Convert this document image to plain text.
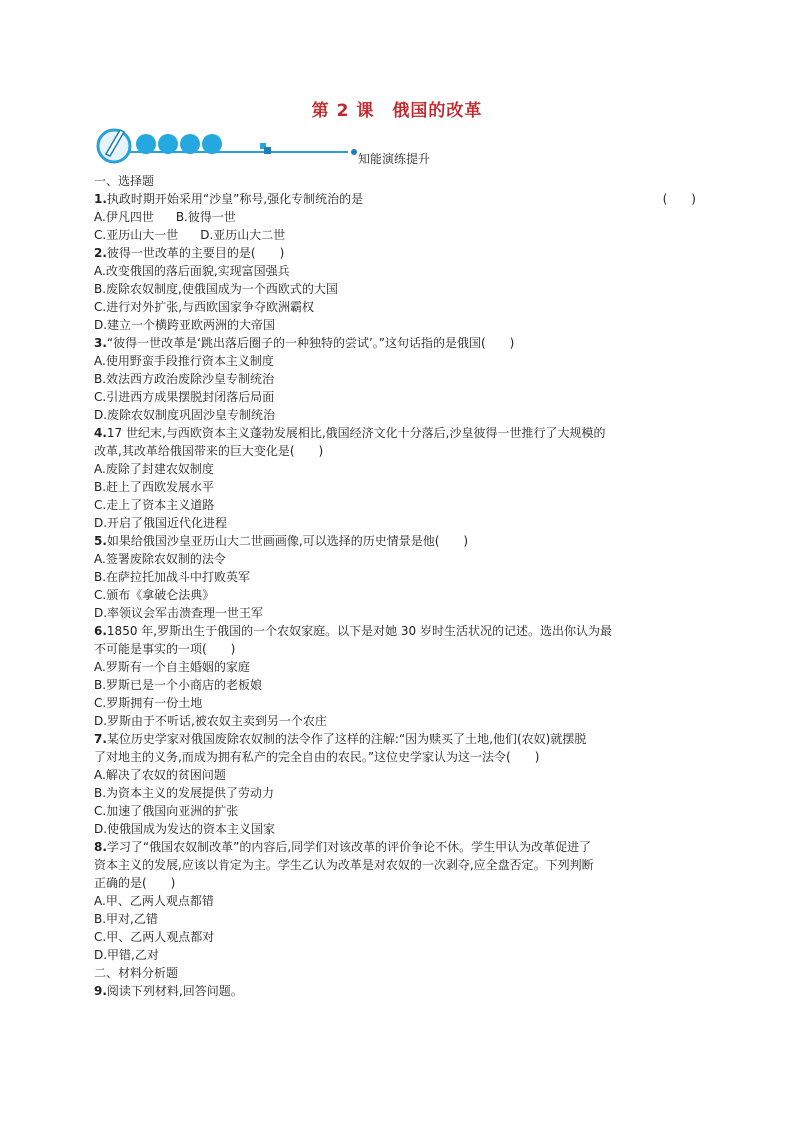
第 2 课　俄国的改革
知能演练提升
一、选择题
1.执政时期开始采用“沙皇”称号,强化专制统治的是	(　　)
A.伊凡四世 B.彼得一世
C.亚历山大一世 D.亚历山大二世
2.彼得一世改革的主要目的是(　　)
A.改变俄国的落后面貌,实现富国强兵
B.废除农奴制度,使俄国成为一个西欧式的大国
C.进行对外扩张,与西欧国家争夺欧洲霸权
D.建立一个横跨亚欧两洲的大帝国
3.“彼得一世改革是‘跳出落后圈子的一种独特的尝试’。”这句话指的是俄国(　　)
A.使用野蛮手段推行资本主义制度
B.效法西方政治废除沙皇专制统治
C.引进西方成果摆脱封闭落后局面
D.废除农奴制度巩固沙皇专制统治
4.17 世纪末,与西欧资本主义蓬勃发展相比,俄国经济文化十分落后,沙皇彼得一世推行了大规模的
改革,其改革给俄国带来的巨大变化是(　　)
A.废除了封建农奴制度
B.赶上了西欧发展水平
C.走上了资本主义道路
D.开启了俄国近代化进程
5.如果给俄国沙皇亚历山大二世画画像,可以选择的历史情景是他(　　)
A.签署废除农奴制的法令
B.在萨拉托加战斗中打败英军
C.颁布《拿破仑法典》
D.率领议会军击溃查理一世王军
6.1850 年,罗斯出生于俄国的一个农奴家庭。以下是对她 30 岁时生活状况的记述。选出你认为最
不可能是事实的一项(　　)
A.罗斯有一个自主婚姻的家庭
B.罗斯已是一个小商店的老板娘
C.罗斯拥有一份土地
D.罗斯由于不听话,被农奴主卖到另一个农庄
7.某位历史学家对俄国废除农奴制的法令作了这样的注解:“因为赎买了土地,他们(农奴)就摆脱
了对地主的义务,而成为拥有私产的完全自由的农民。”这位史学家认为这一法令(　　)
A.解决了农奴的贫困问题
B.为资本主义的发展提供了劳动力
C.加速了俄国向亚洲的扩张
D.使俄国成为发达的资本主义国家
8.学习了“俄国农奴制改革”的内容后,同学们对该改革的评价争论不休。学生甲认为改革促进了
资本主义的发展,应该以肯定为主。学生乙认为改革是对农奴的一次剥夺,应全盘否定。下列判断
正确的是(　　)
A.甲、乙两人观点都错
B.甲对,乙错
C.甲、乙两人观点都对
D.甲错,乙对
二、材料分析题
9.阅读下列材料,回答问题。
